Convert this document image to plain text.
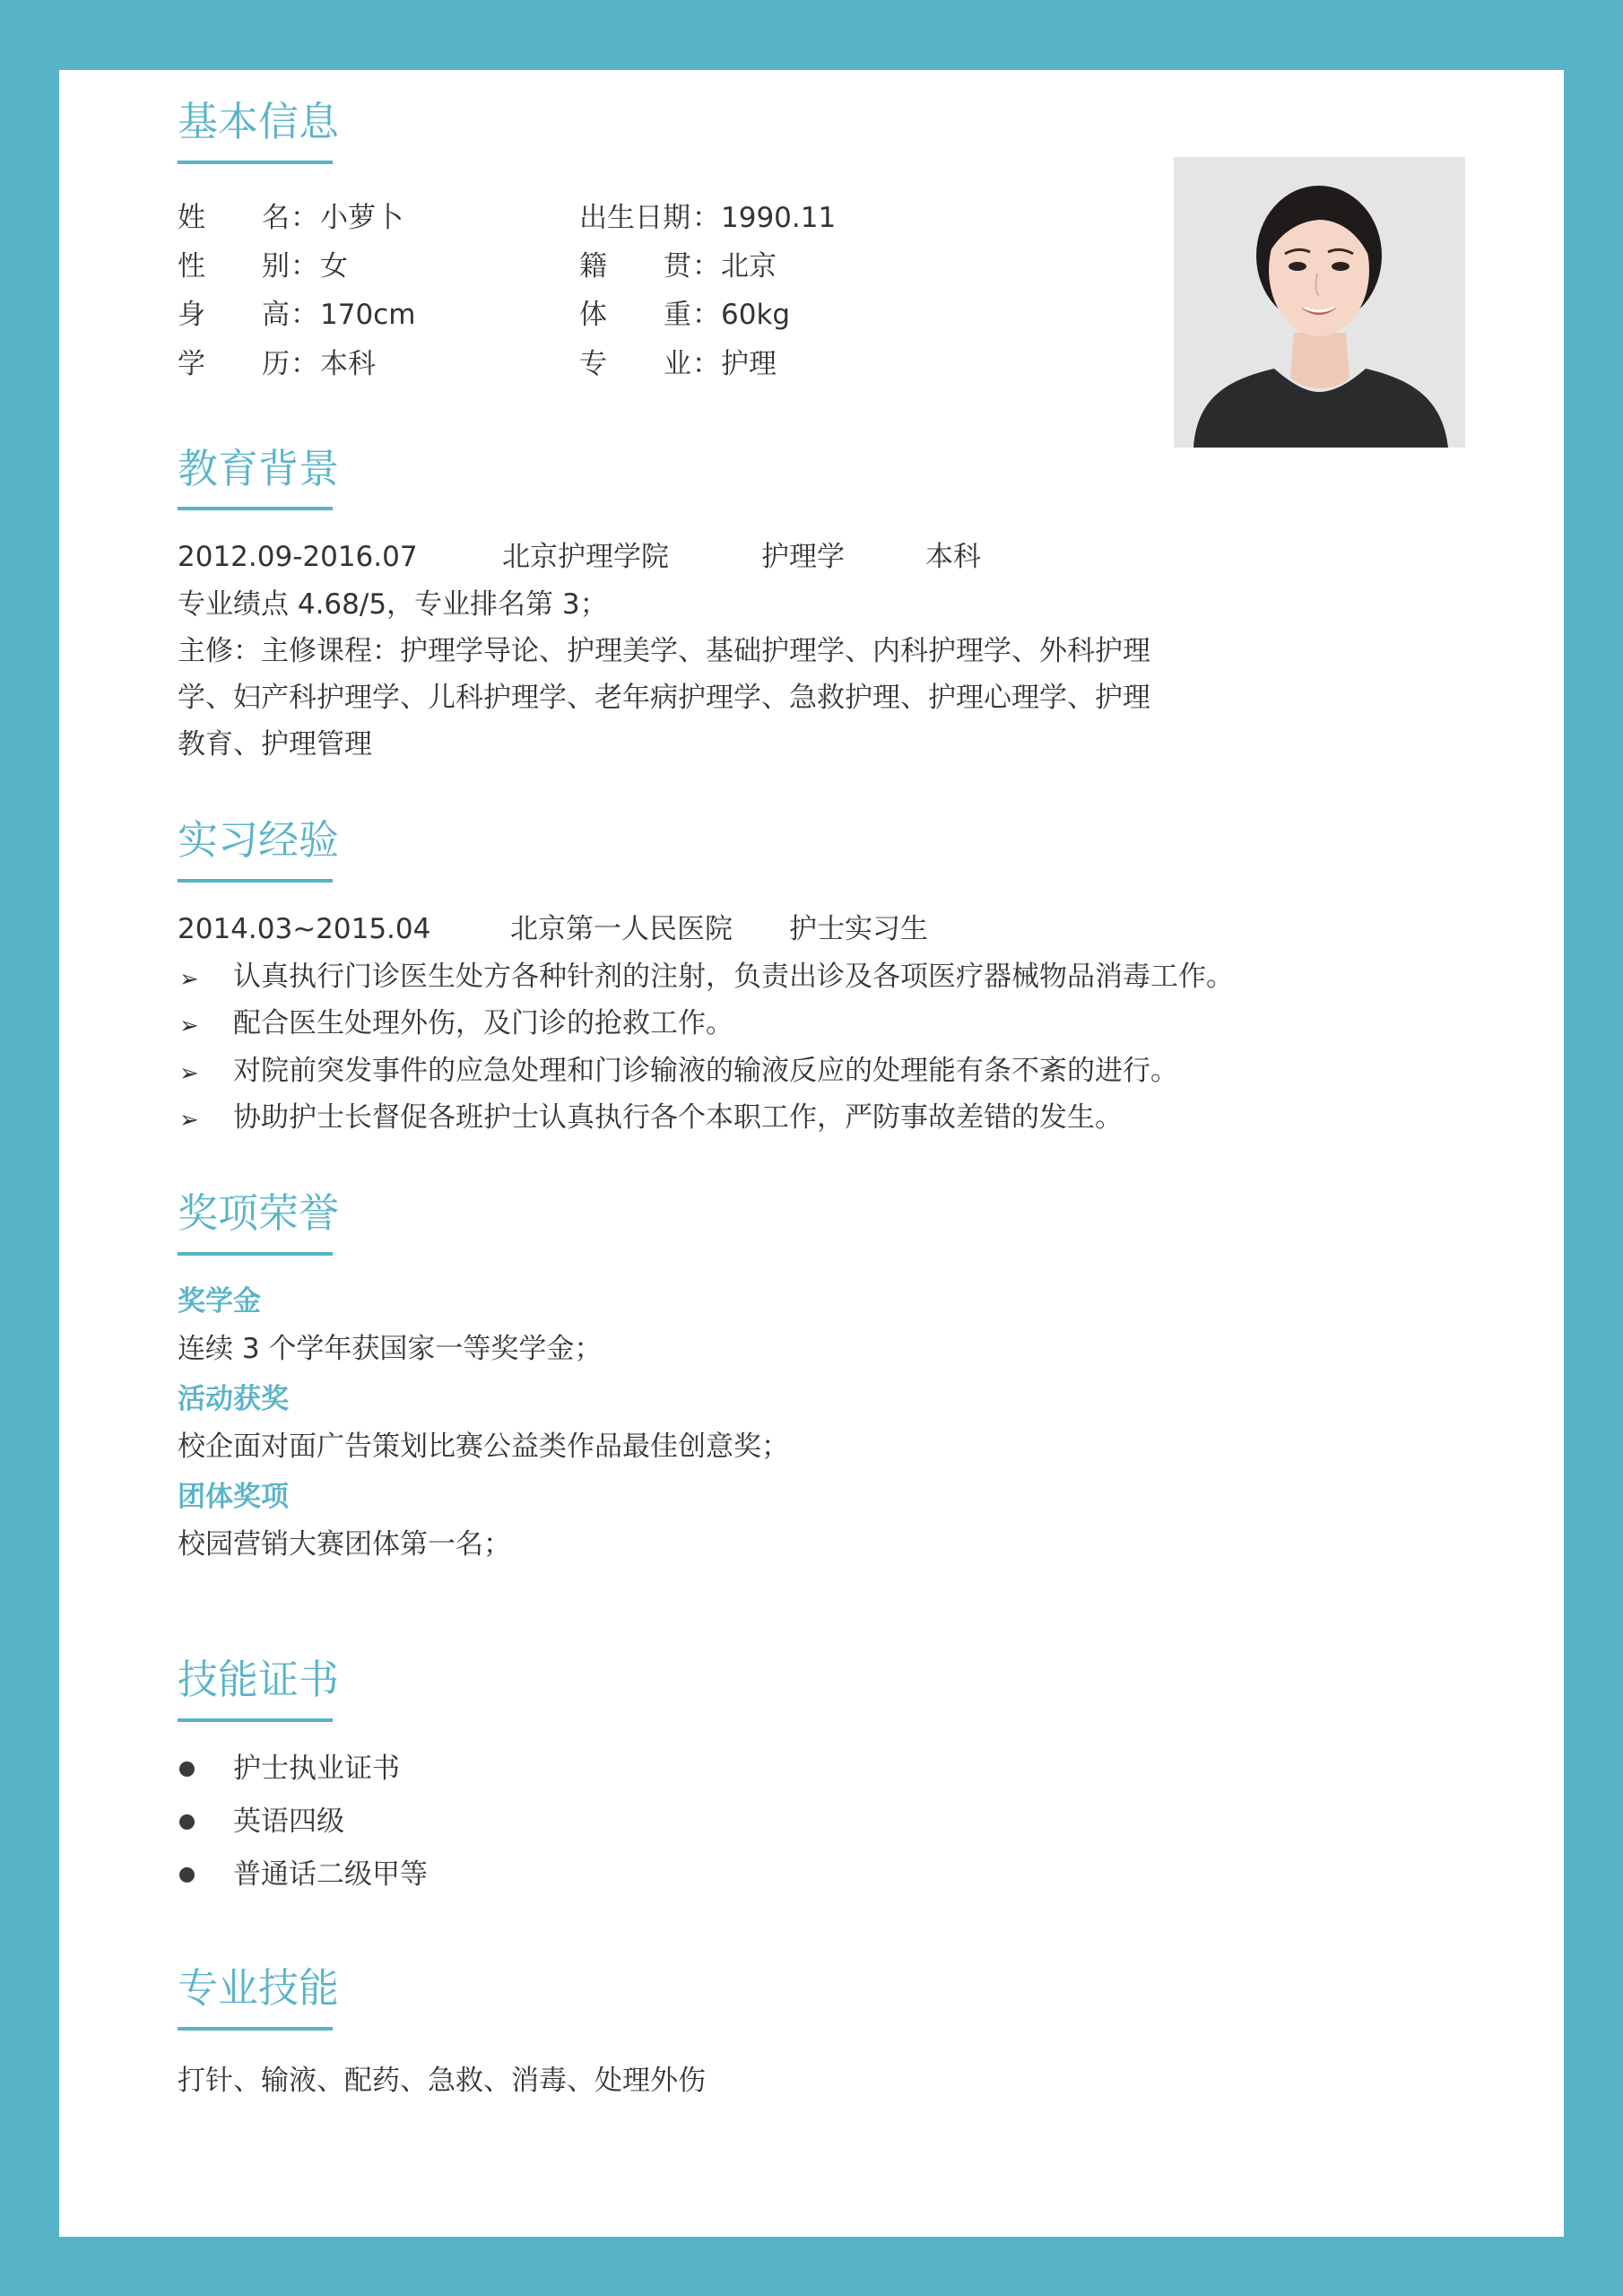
基本信息
姓 名 ： 小萝卜	出生日期 ： 1990.11
性 别 ： 女	籍 贯 ： 北京
身 高 ： 170cm	体 重 ： 60kg
学 历 ： 本科	专 业 ： 护理
教育背景
2012.09-2016.07	北京护理学院	护理学	本科
专业绩点 4.68/5，专业排名第 3；
主修：主修课程：护理学导论、护理美学、基础护理学、内科护理学、外科护理
学、妇产科护理学、儿科护理学、老年病护理学、急救护理、护理心理学、护理
教育、护理管理
实习经验
2014.03~2015.04	北京第一人民医院 护士实习生
➢ 认真执行门诊医生处方各种针剂的注射，负责出诊及各项医疗器械物品消毒工作。
➢ 配合医生处理外伤，及门诊的抢救工作。
➢ 对院前突发事件的应急处理和门诊输液的输液反应的处理能有条不紊的进行。
➢ 协助护士长督促各班护士认真执行各个本职工作，严防事故差错的发生。
奖项荣誉
奖学金
连续 3 个学年获国家一等奖学金；
活动获奖
校企面对面广告策划比赛公益类作品最佳创意奖；
团体奖项
校园营销大赛团体第一名；
技能证书
护士执业证书
英语四级
普通话二级甲等
专业技能
打针、输液、配药、急救、消毒、处理外伤
